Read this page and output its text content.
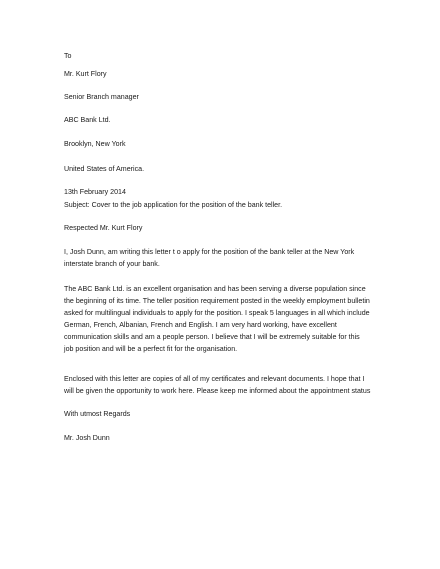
To
Mr. Kurt Flory
Senior Branch manager
ABC Bank Ltd.
Brooklyn, New York
United States of America.
13th February 2014
Subject: Cover to the job application for the position of the bank teller.
Respected Mr. Kurt Flory
I, Josh Dunn, am writing this letter t o apply for the position of the bank teller at the New York
interstate branch of your bank.
The ABC Bank Ltd. is an excellent organisation and has been serving a diverse population since
the beginning of its time. The teller position requirement posted in the weekly employment bulletin
asked for multilingual individuals to apply for the position. I speak 5 languages in all which include
German, French, Albanian, French and English. I am very hard working, have excellent
communication skills and am a people person. I believe that I will be extremely suitable for this
job position and will be a perfect fit for the organisation.
Enclosed with this letter are copies of all of my certificates and relevant documents. I hope that I
will be given the opportunity to work here. Please keep me informed about the appointment status
With utmost Regards
Mr. Josh Dunn
